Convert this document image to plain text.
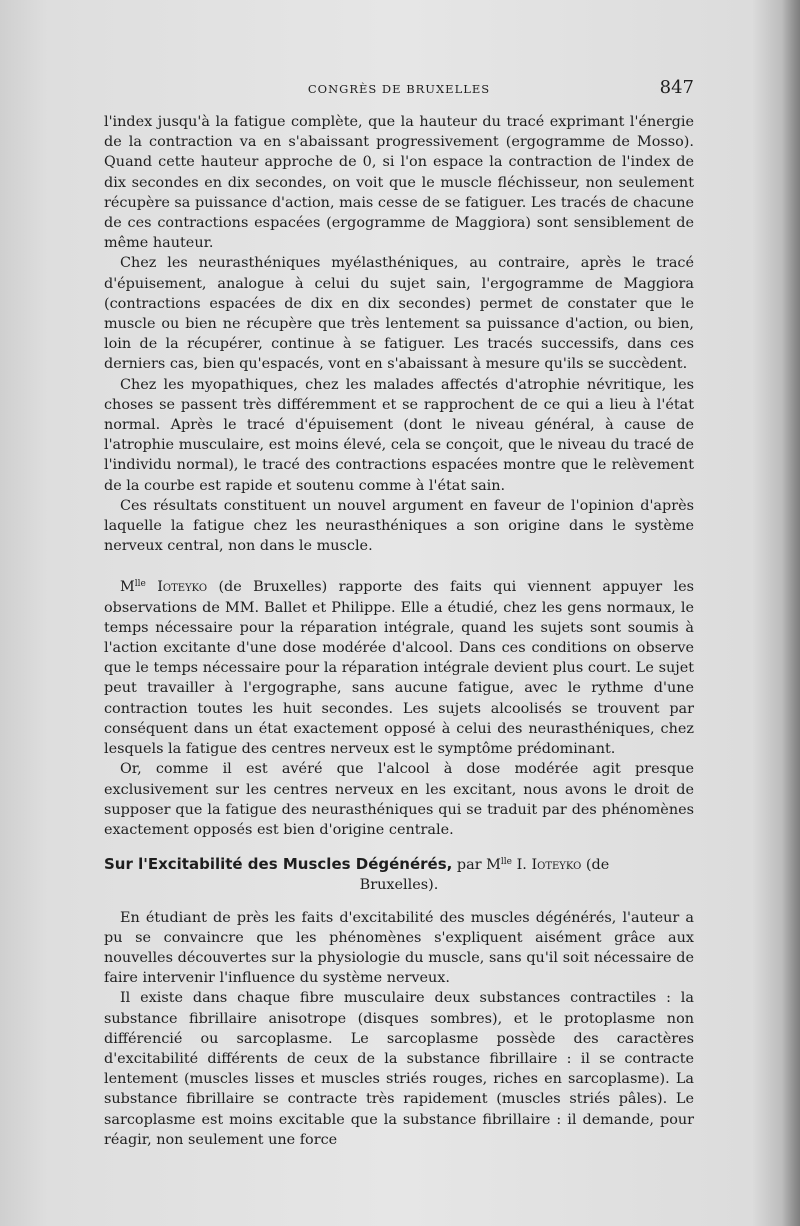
CONGRÈS DE BRUXELLES	847

l'index jusqu'à la fatigue complète, que la hauteur du tracé exprimant l'énergie de la contraction va en s'abaissant progressivement (ergogramme de Mosso). Quand cette hauteur approche de 0, si l'on espace la contraction de l'index de dix secondes en dix secondes, on voit que le muscle fléchisseur, non seulement récupère sa puissance d'action, mais cesse de se fatiguer. Les tracés de chacune de ces contractions espacées (ergogramme de Maggiora) sont sensiblement de même hauteur.

Chez les neurasthéniques myélasthéniques, au contraire, après le tracé d'épuisement, analogue à celui du sujet sain, l'ergogramme de Maggiora (contractions espacées de dix en dix secondes) permet de constater que le muscle ou bien ne récupère que très lentement sa puissance d'action, ou bien, loin de la récupérer, continue à se fatiguer. Les tracés successifs, dans ces derniers cas, bien qu'espacés, vont en s'abaissant à mesure qu'ils se succèdent.

Chez les myopathiques, chez les malades affectés d'atrophie névritique, les choses se passent très différemment et se rapprochent de ce qui a lieu à l'état normal. Après le tracé d'épuisement (dont le niveau général, à cause de l'atrophie musculaire, est moins élevé, cela se conçoit, que le niveau du tracé de l'individu normal), le tracé des contractions espacées montre que le relèvement de la courbe est rapide et soutenu comme à l'état sain.

Ces résultats constituent un nouvel argument en faveur de l'opinion d'après laquelle la fatigue chez les neurasthéniques a son origine dans le système nerveux central, non dans le muscle.

$M^{lle}$ Ioteyko (de Bruxelles) rapporte des faits qui viennent appuyer les observations de MM. Ballet et Philippe. Elle a étudié, chez les gens normaux, le temps nécessaire pour la réparation intégrale, quand les sujets sont soumis à l'action excitante d'une dose modérée d'alcool. Dans ces conditions on observe que le temps nécessaire pour la réparation intégrale devient plus court. Le sujet peut travailler à l'ergographe, sans aucune fatigue, avec le rythme d'une contraction toutes les huit secondes. Les sujets alcoolisés se trouvent par conséquent dans un état exactement opposé à celui des neurasthéniques, chez lesquels la fatigue des centres nerveux est le symptôme prédominant.

Or, comme il est avéré que l'alcool à dose modérée agit presque exclusivement sur les centres nerveux en les excitant, nous avons le droit de supposer que la fatigue des neurasthéniques qui se traduit par des phénomènes exactement opposés est bien d'origine centrale.

Sur l'Excitabilité des Muscles Dégénérés, par $M^{lle}$ I. Ioteyko (de
Bruxelles).

En étudiant de près les faits d'excitabilité des muscles dégénérés, l'auteur a pu se convaincre que les phénomènes s'expliquent aisément grâce aux nouvelles découvertes sur la physiologie du muscle, sans qu'il soit nécessaire de faire intervenir l'influence du système nerveux.

Il existe dans chaque fibre musculaire deux substances contractiles : la substance fibrillaire anisotrope (disques sombres), et le protoplasme non différencié ou sarcoplasme. Le sarcoplasme possède des caractères d'excitabilité différents de ceux de la substance fibrillaire : il se contracte lentement (muscles lisses et muscles striés rouges, riches en sarcoplasme). La substance fibrillaire se contracte très rapidement (muscles striés pâles). Le sarcoplasme est moins excitable que la substance fibrillaire : il demande, pour réagir, non seulement une force
